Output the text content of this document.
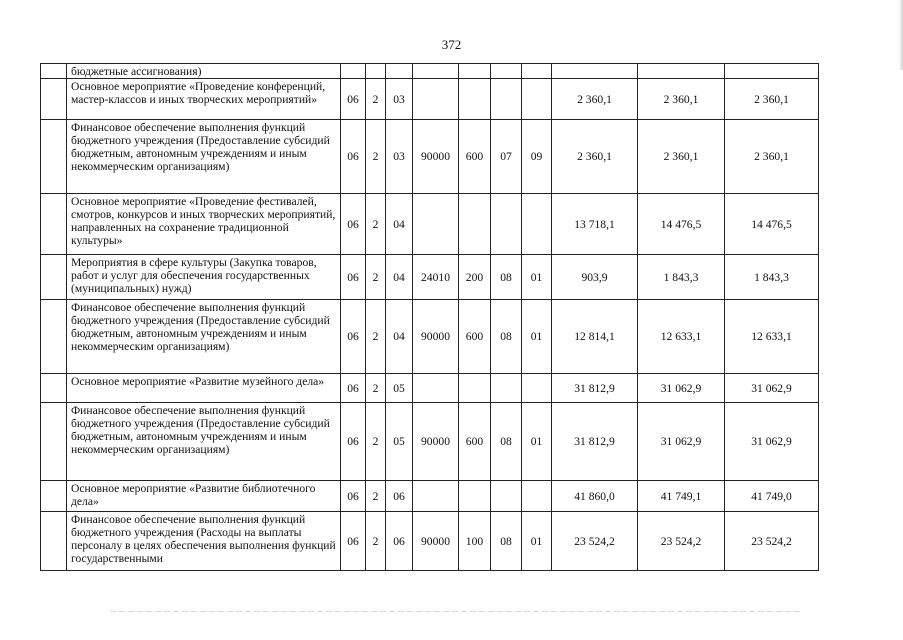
372
	бюджетные ассигнования)										
	Основное мероприятие «Проведение конференций, мастер-классов и иных творческих мероприятий»	06	2	03					2 360,1	2 360,1	2 360,1
	Финансовое обеспечение выполнения функций бюджетного учреждения (Предоставление субсидий бюджетным, автономным учреждениям и иным некоммерческим организациям)	06	2	03	90000	600	07	09	2 360,1	2 360,1	2 360,1
	Основное мероприятие «Проведение фестивалей, смотров, конкурсов и иных творческих мероприятий, направленных на сохранение традиционной культуры»	06	2	04					13 718,1	14 476,5	14 476,5
	Мероприятия в сфере культуры (Закупка товаров, работ и услуг для обеспечения государственных (муниципальных) нужд)	06	2	04	24010	200	08	01	903,9	1 843,3	1 843,3
	Финансовое обеспечение выполнения функций бюджетного учреждения (Предоставление субсидий бюджетным, автономным учреждениям и иным некоммерческим организациям)	06	2	04	90000	600	08	01	12 814,1	12 633,1	12 633,1
	Основное мероприятие «Развитие музейного дела»	06	2	05					31 812,9	31 062,9	31 062,9
	Финансовое обеспечение выполнения функций бюджетного учреждения (Предоставление субсидий бюджетным, автономным учреждениям и иным некоммерческим организациям)	06	2	05	90000	600	08	01	31 812,9	31 062,9	31 062,9
	Основное мероприятие «Развитие библиотечного дела»	06	2	06					41 860,0	41 749,1	41 749,0
	Финансовое обеспечение выполнения функций бюджетного учреждения (Расходы на выплаты персоналу в целях обеспечения выполнения функций государственными	06	2	06	90000	100	08	01	23 524,2	23 524,2	23 524,2
